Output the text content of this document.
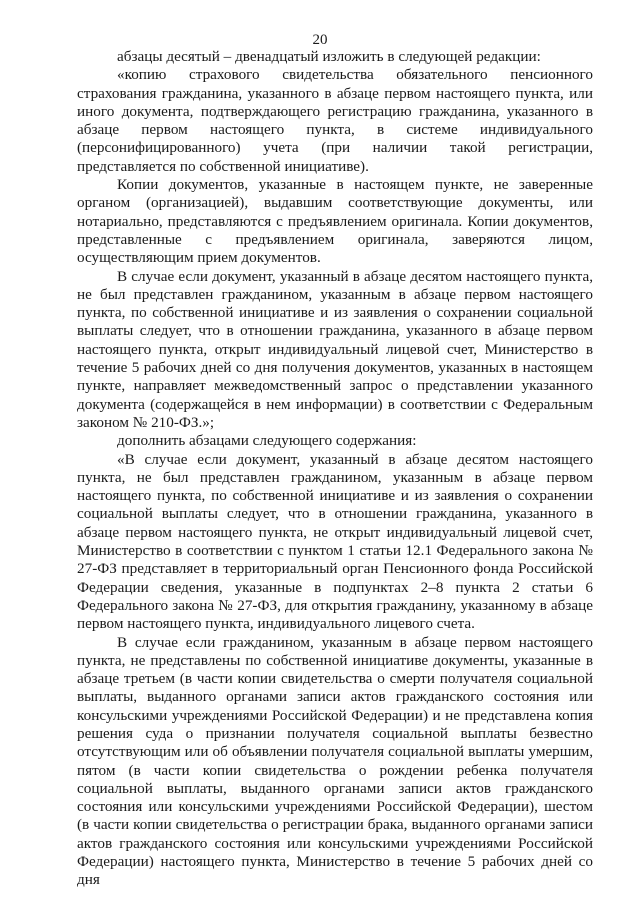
20

абзацы десятый – двенадцатый изложить в следующей редакции:

«копию страхового свидетельства обязательного пенсионного страхования гражданина, указанного в абзаце первом настоящего пункта, или иного документа, подтверждающего регистрацию гражданина, указанного в абзаце первом настоящего пункта, в системе индивидуального (персонифицированного) учета (при наличии такой регистрации, представляется по собственной инициативе).

Копии документов, указанные в настоящем пункте, не заверенные органом (организацией), выдавшим соответствующие документы, или нотариально, представляются с предъявлением оригинала. Копии документов, представленные с предъявлением оригинала, заверяются лицом, осуществляющим прием документов.

В случае если документ, указанный в абзаце десятом настоящего пункта, не был представлен гражданином, указанным в абзаце первом настоящего пункта, по собственной инициативе и из заявления о сохранении социальной выплаты следует, что в отношении гражданина, указанного в абзаце первом настоящего пункта, открыт индивидуальный лицевой счет, Министерство в течение 5 рабочих дней со дня получения документов, указанных в настоящем пункте, направляет межведомственный запрос о представлении указанного документа (содержащейся в нем информации) в соответствии с Федеральным законом № 210-ФЗ.»;

дополнить абзацами следующего содержания:

«В случае если документ, указанный в абзаце десятом настоящего пункта, не был представлен гражданином, указанным в абзаце первом настоящего пункта, по собственной инициативе и из заявления о сохранении социальной выплаты следует, что в отношении гражданина, указанного в абзаце первом настоящего пункта, не открыт индивидуальный лицевой счет, Министерство в соответствии с пунктом 1 статьи 12.1 Федерального закона № 27-ФЗ представляет в территориальный орган Пенсионного фонда Российской Федерации сведения, указанные в подпунктах 2–8 пункта 2 статьи 6 Федерального закона № 27-ФЗ, для открытия гражданину, указанному в абзаце первом настоящего пункта, индивидуального лицевого счета.

В случае если гражданином, указанным в абзаце первом настоящего пункта, не представлены по собственной инициативе документы, указанные в абзаце третьем (в части копии свидетельства о смерти получателя социальной выплаты, выданного органами записи актов гражданского состояния или консульскими учреждениями Российской Федерации) и не представлена копия решения суда о признании получателя социальной выплаты безвестно отсутствующим или об объявлении получателя социальной выплаты умершим, пятом (в части копии свидетельства о рождении ребенка получателя социальной выплаты, выданного органами записи актов гражданского состояния или консульскими учреждениями Российской Федерации), шестом (в части копии свидетельства о регистрации брака, выданного органами записи актов гражданского состояния или консульскими учреждениями Российской Федерации) настоящего пункта, Министерство в течение 5 рабочих дней со дня
